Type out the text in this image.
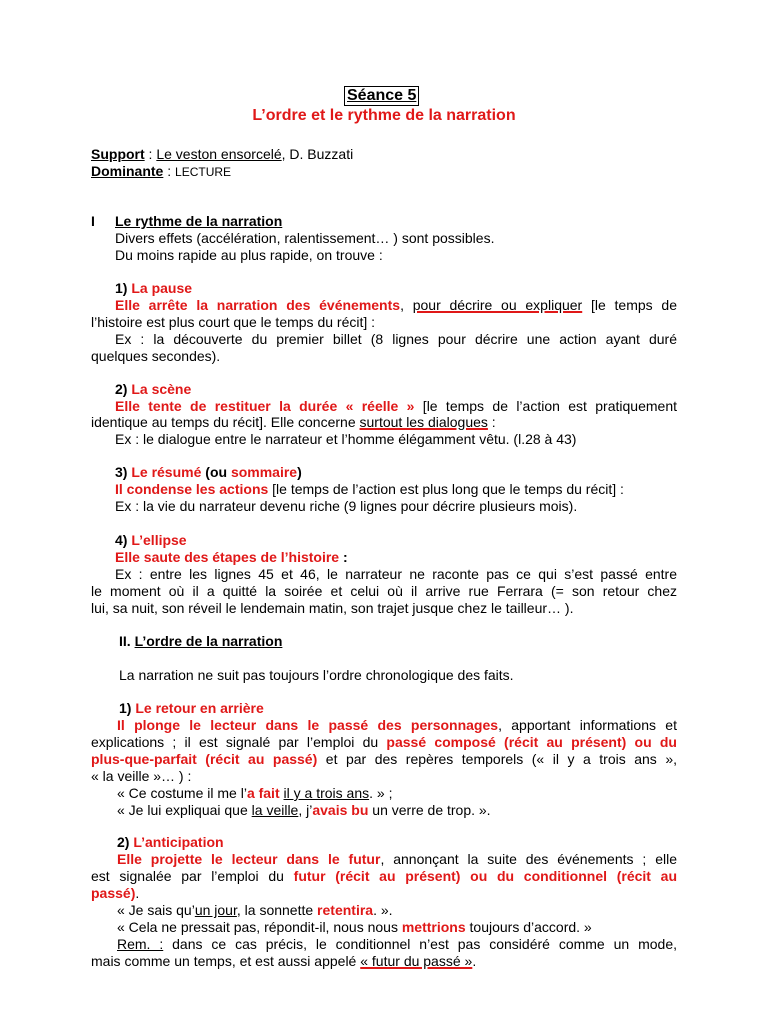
Séance 5
L’ordre et le rythme de la narration
Support : Le veston ensorcelé, D. Buzzati
Dominante : LECTURE
I Le rythme de la narration
Divers effets (accélération, ralentissement… ) sont possibles.
Du moins rapide au plus rapide, on trouve :
1) La pause
Elle arrête la narration des événements, pour décrire ou expliquer [le temps de
l’histoire est plus court que le temps du récit] :
Ex : la découverte du premier billet (8 lignes pour décrire une action ayant duré
quelques secondes).
2) La scène
Elle tente de restituer la durée « réelle » [le temps de l’action est pratiquement
identique au temps du récit]. Elle concerne surtout les dialogues :
Ex : le dialogue entre le narrateur et l’homme élégamment vêtu. (l.28 à 43)
3) Le résumé (ou sommaire)
Il condense les actions [le temps de l’action est plus long que le temps du récit] :
Ex : la vie du narrateur devenu riche (9 lignes pour décrire plusieurs mois).
4) L’ellipse
Elle saute des étapes de l’histoire :
Ex : entre les lignes 45 et 46, le narrateur ne raconte pas ce qui s’est passé entre
le moment où il a quitté la soirée et celui où il arrive rue Ferrara (= son retour chez
lui, sa nuit, son réveil le lendemain matin, son trajet jusque chez le tailleur… ).
II. L’ordre de la narration
La narration ne suit pas toujours l’ordre chronologique des faits.
1) Le retour en arrière
Il plonge le lecteur dans le passé des personnages, apportant informations et
explications ; il est signalé par l’emploi du passé composé (récit au présent) ou du
plus-que-parfait (récit au passé) et par des repères temporels (« il y a trois ans »,
« la veille »… ) :
« Ce costume il me l’a fait il y a trois ans. » ;
« Je lui expliquai que la veille, j’avais bu un verre de trop. ».
2) L’anticipation
Elle projette le lecteur dans le futur, annonçant la suite des événements ; elle
est signalée par l’emploi du futur (récit au présent) ou du conditionnel (récit au
passé).
« Je sais qu’un jour, la sonnette retentira. ».
« Cela ne pressait pas, répondit-il, nous nous mettrions toujours d’accord. »
Rem. : dans ce cas précis, le conditionnel n’est pas considéré comme un mode,
mais comme un temps, et est aussi appelé « futur du passé ».
